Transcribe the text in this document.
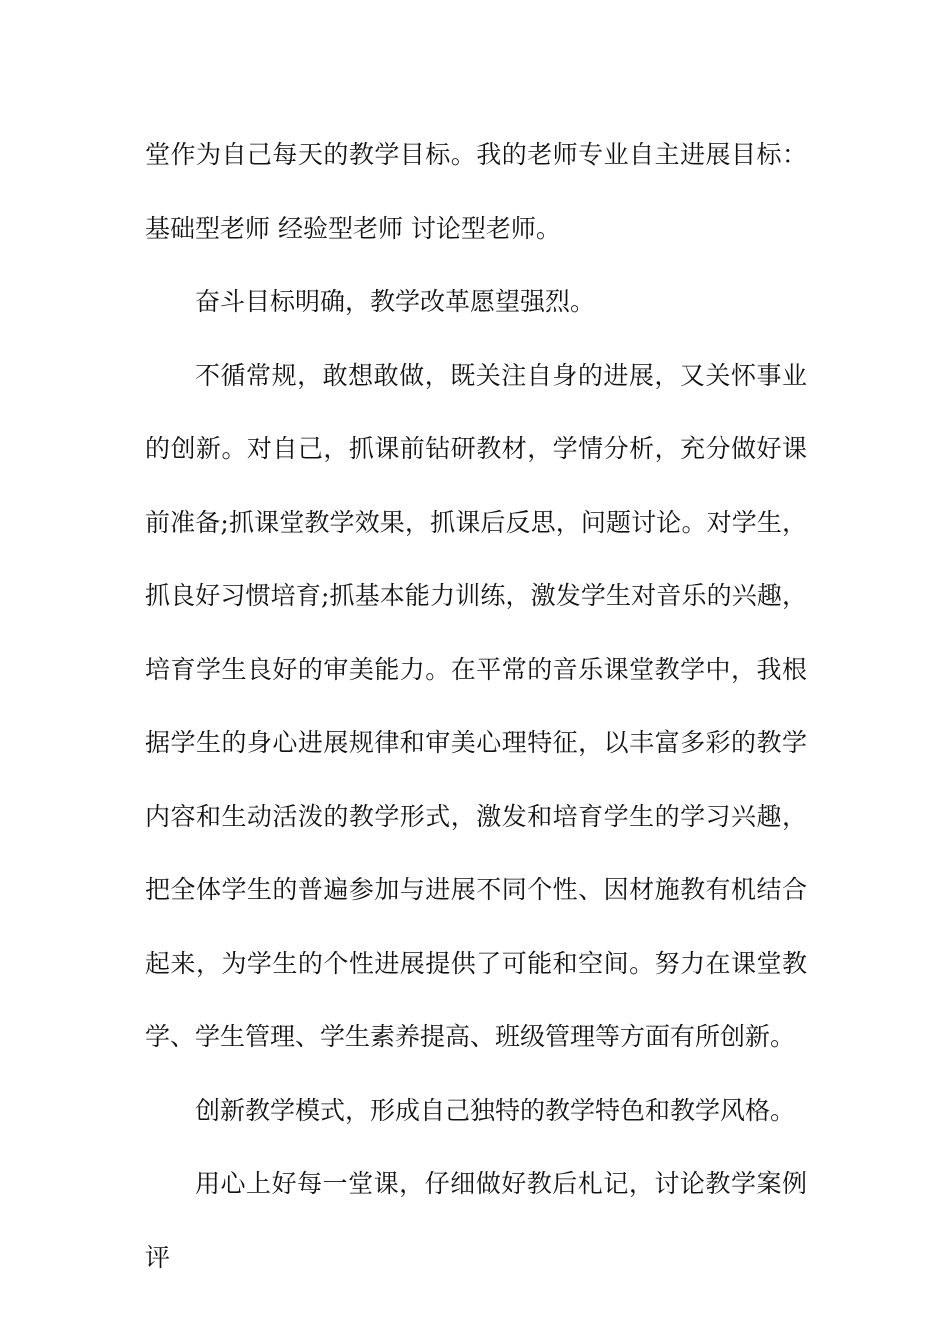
堂作为自己每天的教学目标。我的老师专业自主进展目标：基础型老师 经验型老师 讨论型老师。

奋斗目标明确，教学改革愿望强烈。

不循常规，敢想敢做，既关注自身的进展，又关怀事业的创新。对自己，抓课前钻研教材，学情分析，充分做好课前准备;抓课堂教学效果，抓课后反思，问题讨论。对学生，抓良好习惯培育;抓基本能力训练，激发学生对音乐的兴趣，培育学生良好的审美能力。在平常的音乐课堂教学中，我根据学生的身心进展规律和审美心理特征，以丰富多彩的教学内容和生动活泼的教学形式，激发和培育学生的学习兴趣，把全体学生的普遍参加与进展不同个性、因材施教有机结合起来，为学生的个性进展提供了可能和空间。努力在课堂教学、学生管理、学生素养提高、班级管理等方面有所创新。

创新教学模式，形成自己独特的教学特色和教学风格。

用心上好每一堂课，仔细做好教后札记，讨论教学案例评
